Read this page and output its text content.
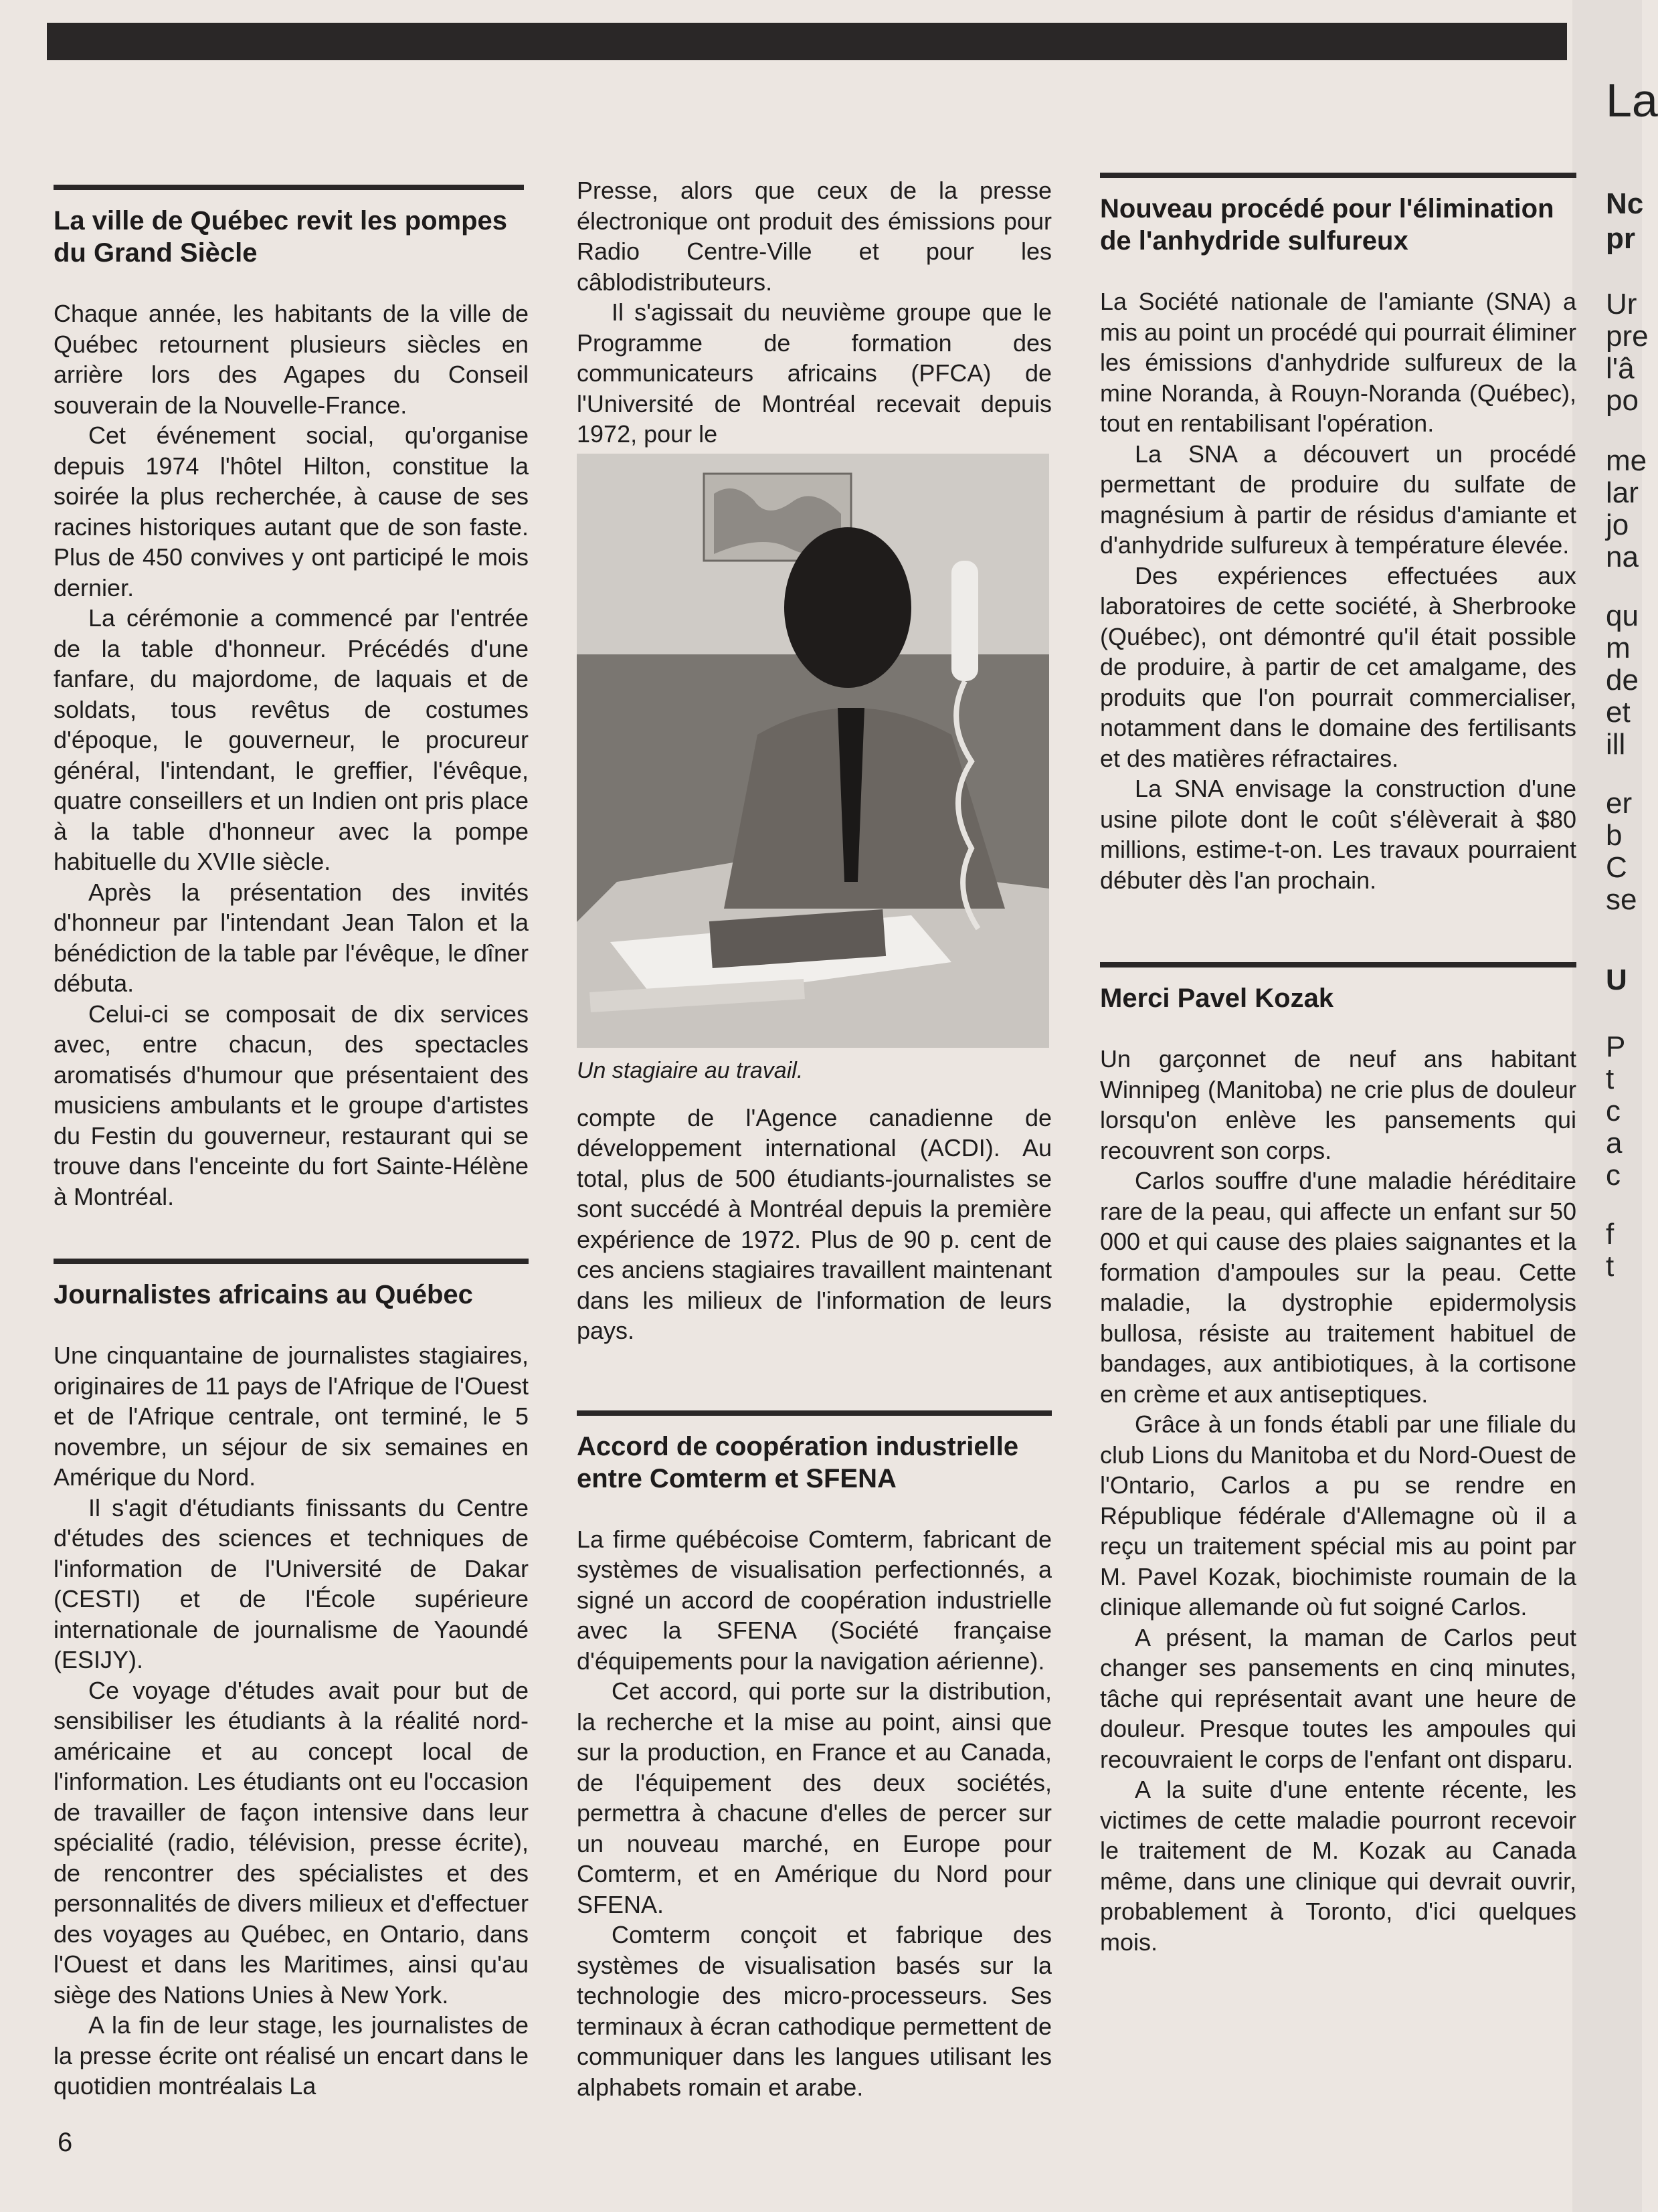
La ville de Québec revit les pompes du Grand Siècle

Chaque année, les habitants de la ville de Québec retournent plusieurs siècles en arrière lors des Agapes du Conseil souverain de la Nouvelle-France.

Cet événement social, qu'organise depuis 1974 l'hôtel Hilton, constitue la soirée la plus recherchée, à cause de ses racines historiques autant que de son faste. Plus de 450 convives y ont participé le mois dernier.

La cérémonie a commencé par l'entrée de la table d'honneur. Précédés d'une fanfare, du majordome, de laquais et de soldats, tous revêtus de costumes d'époque, le gouverneur, le procureur général, l'intendant, le greffier, l'évêque, quatre conseillers et un Indien ont pris place à la table d'honneur avec la pompe habituelle du XVIIe siècle.

Après la présentation des invités d'honneur par l'intendant Jean Talon et la bénédiction de la table par l'évêque, le dîner débuta.

Celui-ci se composait de dix services avec, entre chacun, des spectacles aromatisés d'humour que présentaient des musiciens ambulants et le groupe d'artistes du Festin du gouverneur, restaurant qui se trouve dans l'enceinte du fort Sainte-Hélène à Montréal.

Journalistes africains au Québec

Une cinquantaine de journalistes stagiaires, originaires de 11 pays de l'Afrique de l'Ouest et de l'Afrique centrale, ont terminé, le 5 novembre, un séjour de six semaines en Amérique du Nord.

Il s'agit d'étudiants finissants du Centre d'études des sciences et techniques de l'information de l'Université de Dakar (CESTI) et de l'École supérieure internationale de journalisme de Yaoundé (ESIJY).

Ce voyage d'études avait pour but de sensibiliser les étudiants à la réalité nord-américaine et au concept local de l'information. Les étudiants ont eu l'occasion de travailler de façon intensive dans leur spécialité (radio, télévision, presse écrite), de rencontrer des spécialistes et des personnalités de divers milieux et d'effectuer des voyages au Québec, en Ontario, dans l'Ouest et dans les Maritimes, ainsi qu'au siège des Nations Unies à New York.

A la fin de leur stage, les journalistes de la presse écrite ont réalisé un encart dans le quotidien montréalais La

Presse, alors que ceux de la presse électronique ont produit des émissions pour Radio Centre-Ville et pour les câblodistributeurs.

Il s'agissait du neuvième groupe que le Programme de formation des communicateurs africains (PFCA) de l'Université de Montréal recevait depuis 1972, pour le

Un stagiaire au travail.

compte de l'Agence canadienne de développement international (ACDI). Au total, plus de 500 étudiants-journalistes se sont succédé à Montréal depuis la première expérience de 1972. Plus de 90 p. cent de ces anciens stagiaires travaillent maintenant dans les milieux de l'information de leurs pays.

Accord de coopération industrielle entre Comterm et SFENA

La firme québécoise Comterm, fabricant de systèmes de visualisation perfectionnés, a signé un accord de coopération industrielle avec la SFENA (Société française d'équipements pour la navigation aérienne).

Cet accord, qui porte sur la distribution, la recherche et la mise au point, ainsi que sur la production, en France et au Canada, de l'équipement des deux sociétés, permettra à chacune d'elles de percer sur un nouveau marché, en Europe pour Comterm, et en Amérique du Nord pour SFENA.

Comterm conçoit et fabrique des systèmes de visualisation basés sur la technologie des micro-processeurs. Ses terminaux à écran cathodique permettent de communiquer dans les langues utilisant les alphabets romain et arabe.

Nouveau procédé pour l'élimination de l'anhydride sulfureux

La Société nationale de l'amiante (SNA) a mis au point un procédé qui pourrait éliminer les émissions d'anhydride sulfureux de la mine Noranda, à Rouyn-Noranda (Québec), tout en rentabilisant l'opération.

La SNA a découvert un procédé permettant de produire du sulfate de magnésium à partir de résidus d'amiante et d'anhydride sulfureux à température élevée.

Des expériences effectuées aux laboratoires de cette société, à Sherbrooke (Québec), ont démontré qu'il était possible de produire, à partir de cet amalgame, des produits que l'on pourrait commercialiser, notamment dans le domaine des fertilisants et des matières réfractaires.

La SNA envisage la construction d'une usine pilote dont le coût s'élèverait à $80 millions, estime-t-on. Les travaux pourraient débuter dès l'an prochain.

Merci Pavel Kozak

Un garçonnet de neuf ans habitant Winnipeg (Manitoba) ne crie plus de douleur lorsqu'on enlève les pansements qui recouvrent son corps.

Carlos souffre d'une maladie héréditaire rare de la peau, qui affecte un enfant sur 50 000 et qui cause des plaies saignantes et la formation d'ampoules sur la peau. Cette maladie, la dystrophie epidermolysis bullosa, résiste au traitement habituel de bandages, aux antibiotiques, à la cortisone en crème et aux antiseptiques.

Grâce à un fonds établi par une filiale du club Lions du Manitoba et du Nord-Ouest de l'Ontario, Carlos a pu se rendre en République fédérale d'Allemagne où il a reçu un traitement spécial mis au point par M. Pavel Kozak, biochimiste roumain de la clinique allemande où fut soigné Carlos.

A présent, la maman de Carlos peut changer ses pansements en cinq minutes, tâche qui représentait avant une heure de douleur. Presque toutes les ampoules qui recouvraient le corps de l'enfant ont disparu.

A la suite d'une entente récente, les victimes de cette maladie pourront recevoir le traitement de M. Kozak au Canada même, dans une clinique qui devrait ouvrir, probablement à Toronto, d'ici quelques mois.

La
Nc
pr
Ur
pre
l'â
po
me
lar
jo
na
qu
m
de
et
ill
er
b
C
se
U
P
t
c
a
c
f
t
6
